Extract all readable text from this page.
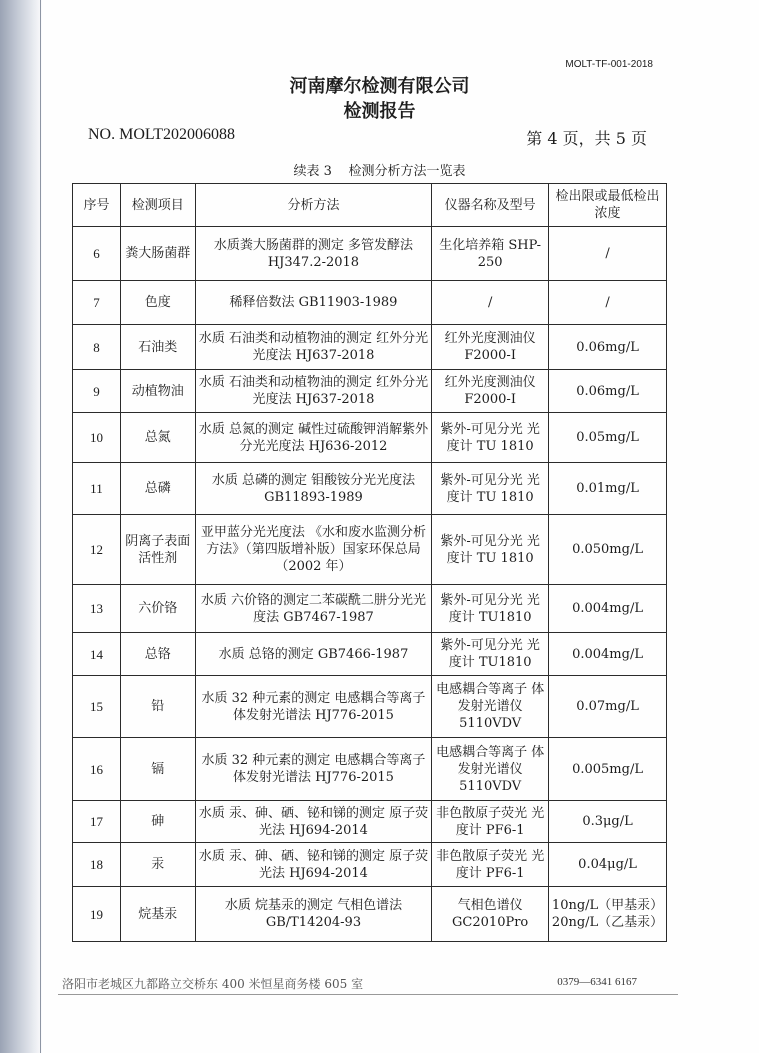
MOLT-TF-001-2018
河南摩尔检测有限公司
检测报告
NO. MOLT202006088	第 4 页，共 5 页
续表 3    检测分析方法一览表
序号	检测项目	分析方法	仪器名称及型号	检出限或最低检出浓度
6	粪大肠菌群	水质粪大肠菌群的测定 多管发酵法 HJ347.2-2018	生化培养箱 SHP-250	/
7	色度	稀释倍数法 GB11903-1989	/	/
8	石油类	水质 石油类和动植物油的测定 红外分光光度法 HJ637-2018	红外光度测油仪 F2000-Ⅰ	0.06mg/L
9	动植物油	水质 石油类和动植物油的测定 红外分光光度法 HJ637-2018	红外光度测油仪 F2000-I	0.06mg/L
10	总氮	水质 总氮的测定 碱性过硫酸钾消解紫外分光光度法 HJ636-2012	紫外-可见分光 光度计 TU 1810	0.05mg/L
11	总磷	水质 总磷的测定 钼酸铵分光光度法 GB11893-1989	紫外-可见分光 光度计 TU 1810	0.01mg/L
12	阴离子表面活性剂	亚甲蓝分光光度法 《水和废水监测分析方法》（第四版增补版）国家环保总局（2002 年）	紫外-可见分光 光度计 TU 1810	0.050mg/L
13	六价铬	水质 六价铬的测定二苯碳酰二肼分光光度法 GB7467-1987	紫外-可见分光 光度计 TU1810	0.004mg/L
14	总铬	水质 总铬的测定 GB7466-1987	紫外-可见分光 光度计 TU1810	0.004mg/L
15	铅	水质 32 种元素的测定 电感耦合等离子体发射光谱法 HJ776-2015	电感耦合等离子 体发射光谱仪 5110VDV	0.07mg/L
16	镉	水质 32 种元素的测定 电感耦合等离子体发射光谱法 HJ776-2015	电感耦合等离子 体发射光谱仪 5110VDV	0.005mg/L
17	砷	水质 汞、砷、硒、铋和锑的测定 原子荧光法 HJ694-2014	非色散原子荧光 光度计 PF6-1	0.3μg/L
18	汞	水质 汞、砷、硒、铋和锑的测定 原子荧光法 HJ694-2014	非色散原子荧光 光度计 PF6-1	0.04μg/L
19	烷基汞	水质 烷基汞的测定 气相色谱法 GB/T14204-93	气相色谱仪 GC2010Pro	10ng/L（甲基汞） 20ng/L（乙基汞）
洛阳市老城区九都路立交桥东 400 米恒星商务楼 605 室	0379—6341 6167
